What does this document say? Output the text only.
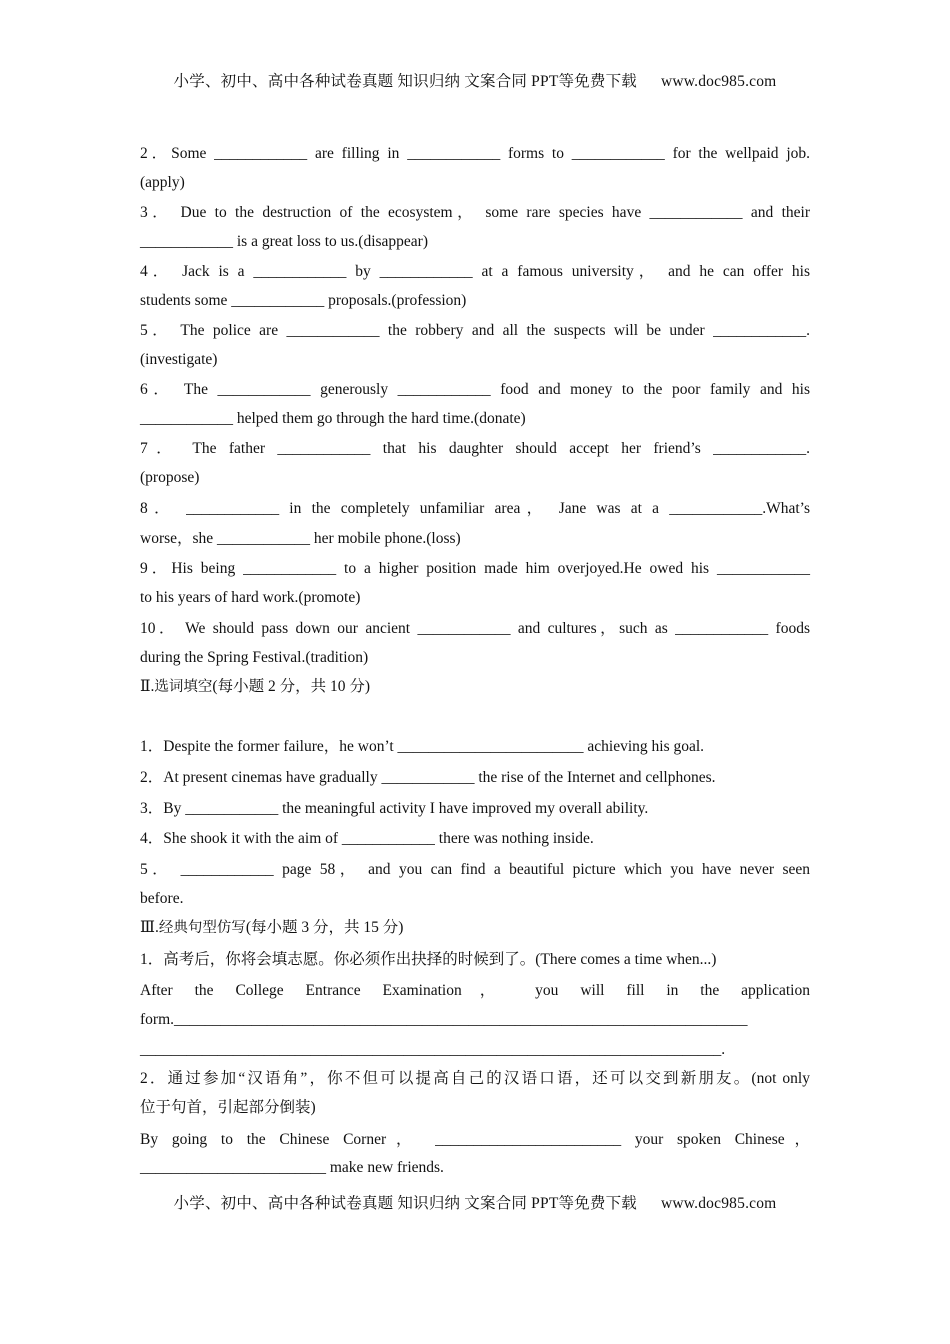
小学、初中、高中各种试卷真题 知识归纳 文案合同 PPT等免费下载 www.doc985.com
2．Some ____________ are filling in ____________ forms to ____________ for the wellpaid job.
(apply)
3． Due to the destruction of the ecosystem， some rare species have ____________ and their
____________ is a great loss to us.(disappear)
4． Jack is a ____________ by ____________ at a famous university， and he can offer his
students some ____________ proposals.(profession)
5． The police are ____________ the robbery and all the suspects will be under ____________.
(investigate)
6． The ____________ generously ____________ food and money to the poor family and his
____________ helped them go through the hard time.(donate)
7． The father ____________ that his daughter should accept her friend’s ____________.
(propose)
8． ____________ in the completely unfamiliar area， Jane was at a ____________.What’s
worse，she ____________ her mobile phone.(loss)
9．His being ____________ to a higher position made him overjoyed.He owed his ____________
to his years of hard work.(promote)
10． We should pass down our ancient ____________ and cultures，such as ____________ foods
during the Spring Festival.(tradition)
Ⅱ.选词填空(每小题 2 分，共 10 分)
1．Despite the former failure，he won’t ________________________ achieving his goal.
2．At present cinemas have gradually ____________ the rise of the Internet and cellphones.
3．By ____________ the meaningful activity I have improved my overall ability.
4．She shook it with the aim of ____________ there was nothing inside.
5． ____________ page 58， and you can find a beautiful picture which you have never seen
before.
Ⅲ.经典句型仿写(每小题 3 分，共 15 分)
1．高考后，你将会填志愿。你必须作出抉择的时候到了。(There comes a time when...)
After the College Entrance Examination， you will fill in the application
form.__________________________________________________________________________
___________________________________________________________________________.
2．通过参加“汉语角”，你不但可以提高自己的汉语口语，还可以交到新朋友。(not only
位于句首，引起部分倒装)
By going to the Chinese Corner， ________________________ your spoken Chinese，
________________________ make new friends.
小学、初中、高中各种试卷真题 知识归纳 文案合同 PPT等免费下载 www.doc985.com
